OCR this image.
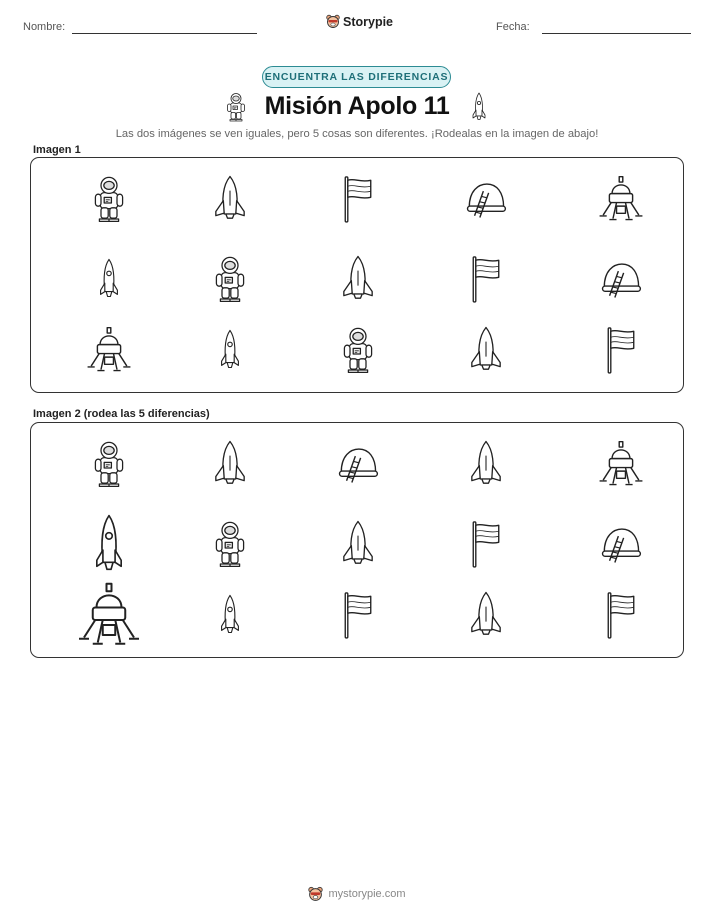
Nombre:	Storypie	Fecha:
ENCUENTRA LAS DIFERENCIAS
Misión Apolo 11
Las dos imágenes se ven iguales, pero 5 cosas son diferentes. ¡Rodealas en la imagen de abajo!
Imagen 1
Imagen 2 (rodea las 5 diferencias)
mystorypie.com
